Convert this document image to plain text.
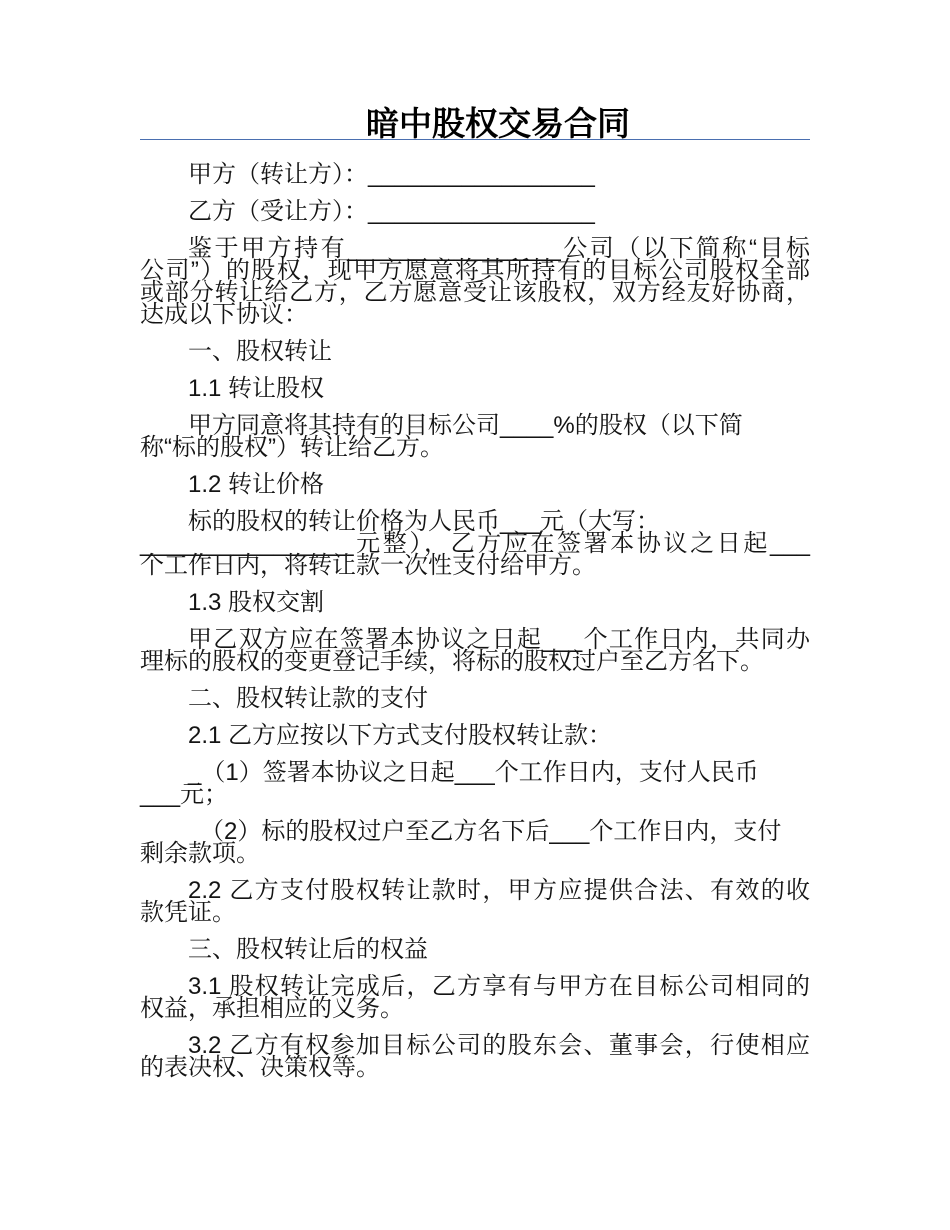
暗中股权交易合同
甲方（转让方）：_________________
乙方（受让方）：_________________
鉴于甲方持有________________公司（以下简称“目标
公司”）的股权，现甲方愿意将其所持有的目标公司股权全部
或部分转让给乙方，乙方愿意受让该股权，双方经友好协商，
达成以下协议：
一、股权转让
1.1 转让股权
甲方同意将其持有的目标公司____%的股权（以下简
称“标的股权”）转让给乙方。
1.2 转让价格
标的股权的转让价格为人民币___元（大写：
________________元整），乙方应在签署本协议之日起___
个工作日内，将转让款一次性支付给甲方。
1.3 股权交割
甲乙双方应在签署本协议之日起___个工作日内，共同办
理标的股权的变更登记手续，将标的股权过户至乙方名下。
二、股权转让款的支付
2.1 乙方应按以下方式支付股权转让款：
_（1）签署本协议之日起___个工作日内，支付人民币
___元；
（2）标的股权过户至乙方名下后___个工作日内，支付
剩余款项。
2.2 乙方支付股权转让款时，甲方应提供合法、有效的收
款凭证。
三、股权转让后的权益
3.1 股权转让完成后，乙方享有与甲方在目标公司相同的
权益，承担相应的义务。
3.2 乙方有权参加目标公司的股东会、董事会，行使相应
的表决权、决策权等。
